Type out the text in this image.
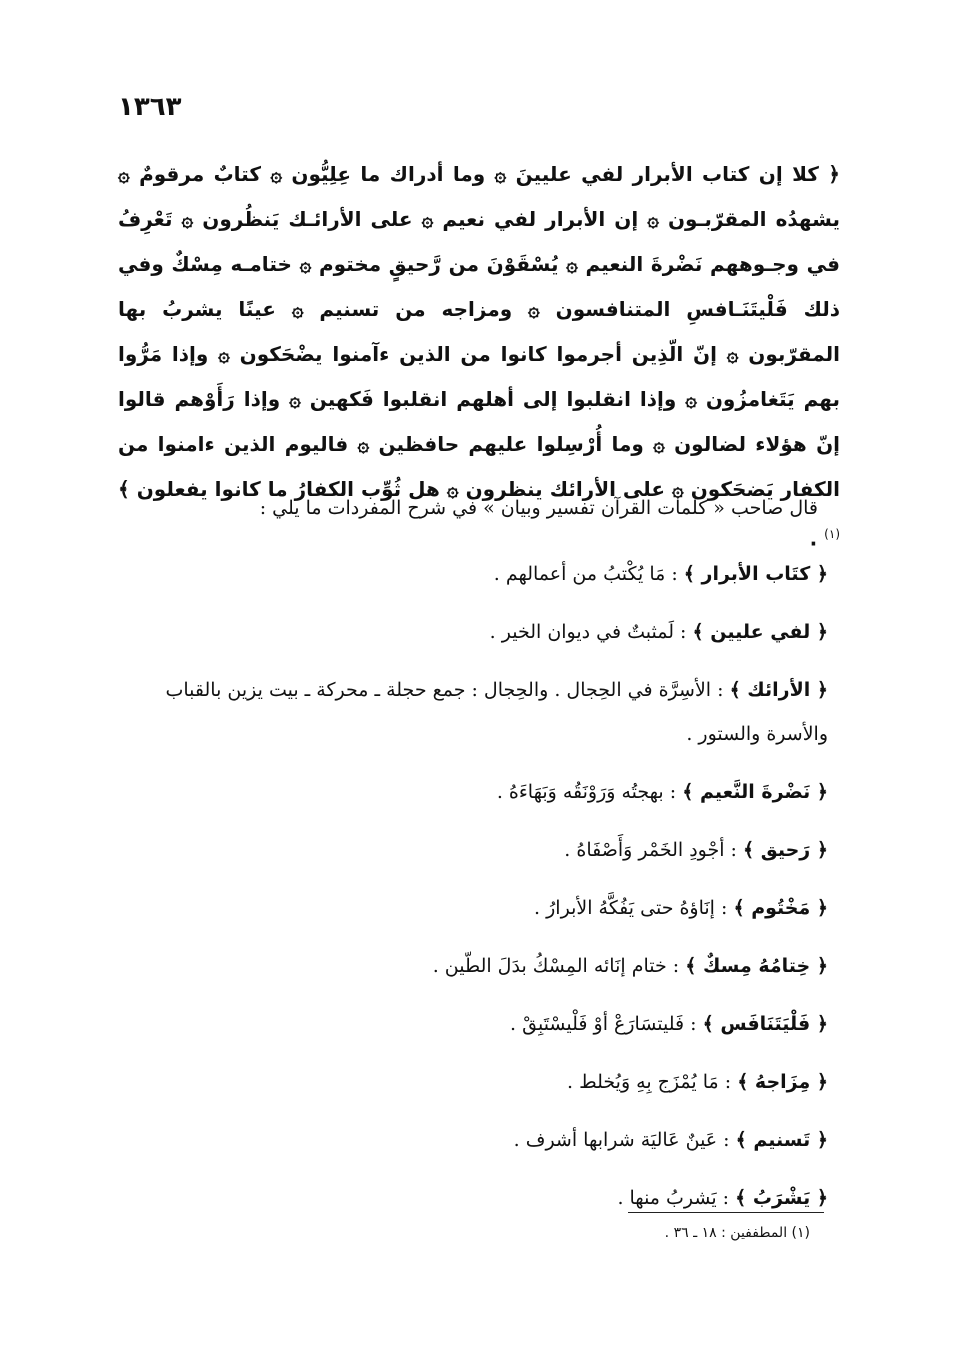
١٣٦٣
﴿ كلا إن كتاب الأبرار لفي عليينَ ۞ وما أدراك ما عِلِيُّون ۞ كتابٌ مرقومٌ ۞ يشهدُه المقرّبـون ۞ إن الأبرار لفي نعيم ۞ على الأرائـك يَنظُرون ۞ تَعْرِفُ في وجـوههم نَضْرةَ النعيم ۞ يُسْقَوْنَ من رَّحيقٍ مختوم ۞ ختامـه مِسْكٌ وفي ذلك فَلْيتَنَـافسِ المتنافسون ۞ ومزاجه من تسنيم ۞ عينًا يشربُ بها المقرّبون ۞ إنّ الّذِين أجرموا كانوا من الذين ءآمنوا يضْحَكون ۞ وإذا مَرُّوا بهم يَتَغامزُون ۞ وإذا انقلبوا إلى أهلهم انقلبوا فَكهين ۞ وإذا رَأَوْهم قالوا إنّ هؤلاء لضالون ۞ وما أُرْسِلوا عليهم حافظين ۞ فاليوم الذين ءامنوا من الكفار يَضحَكون ۞ على الأرائك ينظرون ۞ هل ثُوِّب الكفارُ ما كانوا يفعلون ﴾$^{(١)}$ .
قال صاحب « كلمات القرآن تفسير وبيان » في شرح المفردات ما يلي :
﴿ كتَاب الأبرار ﴾ : مَا يُكْتبُ من أعمالهم .
﴿ لفي عليين ﴾ : لَمثبتٌ في ديوان الخير .
﴿ الأرائك ﴾ : الأسِرَّة في الحِجال . والحِجال : جمع حجلة ـ محركة ـ بيت يزين بالقباب والأسرة والستور .
﴿ نَضْرةَ النَّعيم ﴾ : بهجتُه وَرَوْنَقُه وَبَهَاءَهُ .
﴿ رَحيق ﴾ : أجْودِ الخَمْر وَأَصْفَاهُ .
﴿ مَخْتُوم ﴾ : إنَاؤهُ حتى يَفُكَّهُ الأبرارُ .
﴿ خِتامُهُ مِسكٌ ﴾ : ختام إنَائه المِسْكُ بدَلَ الطّين .
﴿ فَلْيَتَنَافَس ﴾ : فَليتسَارَعْ أوْ فَلْيسْتَبِقْ .
﴿ مِزَاجهُ ﴾ : مَا يُمْزَج بِهِ وَيُخلط .
﴿ تَسنيم ﴾ : عَينٌ عَاليَة شرابها أشرف .
﴿ يَشْرَبُ ﴾ : يَشربُ منها .
(١) المطففين : ١٨ ـ ٣٦ .
